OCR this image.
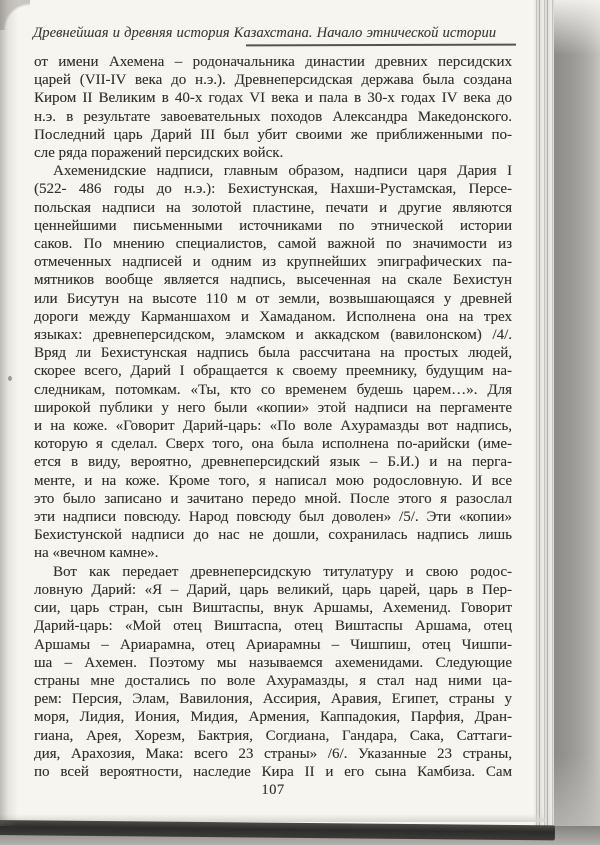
Древнейшая и древняя история Казахстана. Начало этнической истории
от имени Ахемена – родоначальника династии древних персидских
царей (VII-IV века до н.э.). Древнеперсидская держава была создана
Киром II Великим в 40-х годах VI века и пала в 30-х годах IV века до
н.э. в результате завоевательных походов Александра Македонского.
Последний царь Дарий III был убит своими же приближенными по-
сле ряда поражений персидских войск.
Ахеменидские надписи, главным образом, надписи царя Дария I
(522- 486 годы до н.э.): Бехистунская, Нахши-Рустамская, Персе-
польская надписи на золотой пластине, печати и другие являются
ценнейшими письменными источниками по этнической истории
саков. По мнению специалистов, самой важной по значимости из
отмеченных надписей и одним из крупнейших эпиграфических па-
мятников вообще является надпись, высеченная на скале Бехистун
или Бисутун на высоте 110 м от земли, возвышающаяся у древней
дороги между Карманшахом и Хамаданом. Исполнена она на трех
языках: древнеперсидском, эламском и аккадском (вавилонском) /4/.
Вряд ли Бехистунская надпись была рассчитана на простых людей,
скорее всего, Дарий I обращается к своему преемнику, будущим на-
следникам, потомкам. «Ты, кто со временем будешь царем…». Для
широкой публики у него были «копии» этой надписи на пергаменте
и на коже. «Говорит Дарий-царь: «По воле Ахурамазды вот надпись,
которую я сделал. Сверх того, она была исполнена по-арийски (име-
ется в виду, вероятно, древнеперсидский язык – Б.И.) и на перга-
менте, и на коже. Кроме того, я написал мою родословную. И все
это было записано и зачитано передо мной. После этого я разослал
эти надписи повсюду. Народ повсюду был доволен» /5/. Эти «копии»
Бехистунской надписи до нас не дошли, сохранилась надпись лишь
на «вечном камне».
Вот как передает древнеперсидскую титулатуру и свою родос-
ловную Дарий: «Я – Дарий, царь великий, царь царей, царь в Пер-
сии, царь стран, сын Виштаспы, внук Аршамы, Ахеменид. Говорит
Дарий-царь: «Мой отец Виштаспа, отец Виштаспы Аршама, отец
Аршамы – Ариарамна, отец Ариарамны – Чишпиш, отец Чишпи-
ша – Ахемен. Поэтому мы называемся ахеменидами. Следующие
страны мне достались по воле Ахурамазды, я стал над ними ца-
рем: Персия, Элам, Вавилония, Ассирия, Аравия, Египет, страны у
моря, Лидия, Иония, Мидия, Армения, Каппадокия, Парфия, Дран-
гиана, Арея, Хорезм, Бактрия, Согдиана, Гандара, Сака, Саттаги-
дия, Арахозия, Мака: всего 23 страны» /6/. Указанные 23 страны,
по всей вероятности, наследие Кира II и его сына Камбиза. Сам
107
